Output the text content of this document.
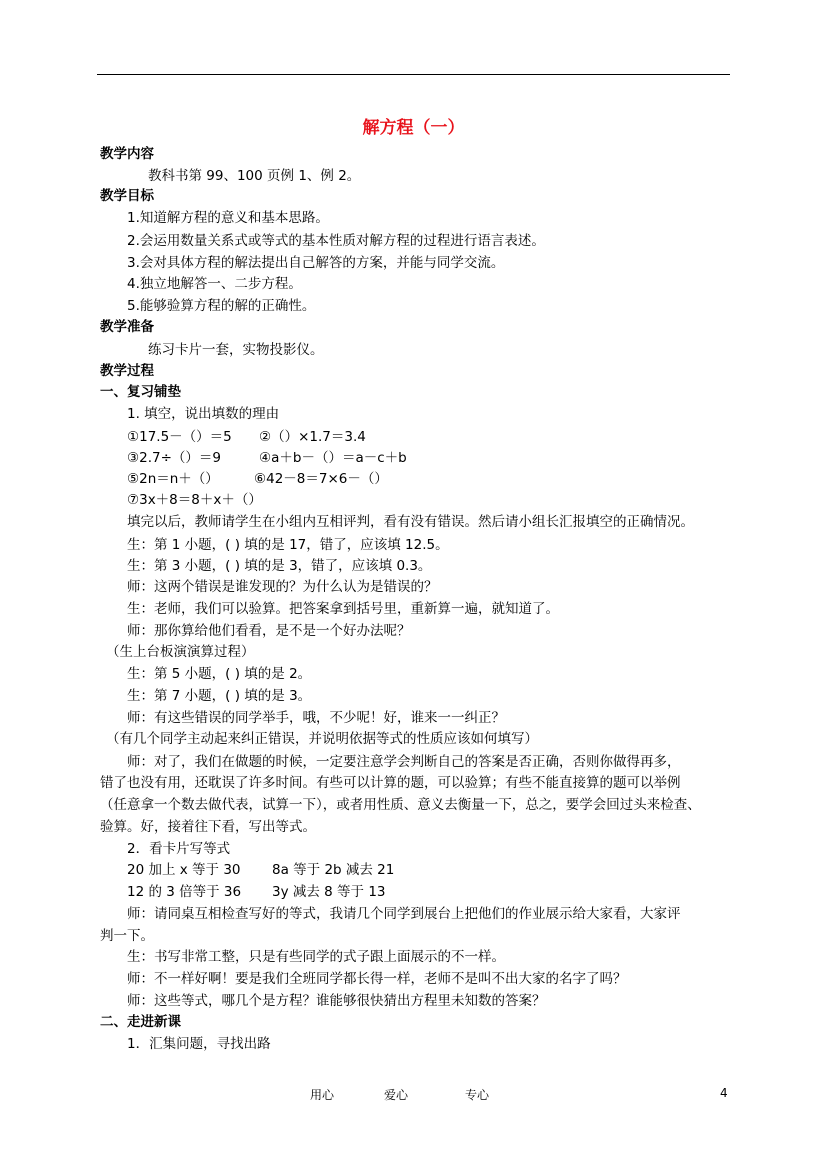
解方程（一）
教学内容
教科书第 99、100 页例 1、例 2。
教学目标
1.知道解方程的意义和基本思路。
2.会运用数量关系式或等式的基本性质对解方程的过程进行语言表述。
3.会对具体方程的解法提出自己解答的方案，并能与同学交流。
4.独立地解答一、二步方程。
5.能够验算方程的解的正确性。
教学准备
练习卡片一套，实物投影仪。
教学过程
一、复习铺垫
1. 填空，说出填数的理由
①17.5－（）＝5 ②（）×1.7＝3.4
③2.7÷（）＝9	④a＋b－（）＝a－c＋b
⑤2n＝n＋（）	⑥42－8＝7×6－（）
⑦3x＋8＝8＋x＋（）
填完以后，教师请学生在小组内互相评判，看有没有错误。然后请小组长汇报填空的正确情况。
生：第 1 小题，( ) 填的是 17，错了，应该填 12.5。
生：第 3 小题，( ) 填的是 3，错了，应该填 0.3。
师：这两个错误是谁发现的？为什么认为是错误的？
生：老师，我们可以验算。把答案拿到括号里，重新算一遍，就知道了。
师：那你算给他们看看，是不是一个好办法呢？
（生上台板演演算过程）
生：第 5 小题，( ) 填的是 2。
生：第 7 小题，( ) 填的是 3。
师：有这些错误的同学举手，哦，不少呢！好，谁来一一纠正？
（有几个同学主动起来纠正错误，并说明依据等式的性质应该如何填写）
师：对了，我们在做题的时候，一定要注意学会判断自己的答案是否正确，否则你做得再多，
错了也没有用，还耽误了许多时间。有些可以计算的题，可以验算；有些不能直接算的题可以举例
（任意拿一个数去做代表，试算一下），或者用性质、意义去衡量一下，总之，要学会回过头来检查、
验算。好，接着往下看，写出等式。
2．看卡片写等式
20 加上 x 等于 30 8a 等于 2b 减去 21
12 的 3 倍等于 36 3y 减去 8 等于 13
师：请同桌互相检查写好的等式，我请几个同学到展台上把他们的作业展示给大家看，大家评
判一下。
生：书写非常工整，只是有些同学的式子跟上面展示的不一样。
师：不一样好啊！要是我们全班同学都长得一样，老师不是叫不出大家的名字了吗？
师：这些等式，哪几个是方程？谁能够很快猜出方程里未知数的答案？
二、走进新课
1．汇集问题，寻找出路
用心	爱心	专心	4
